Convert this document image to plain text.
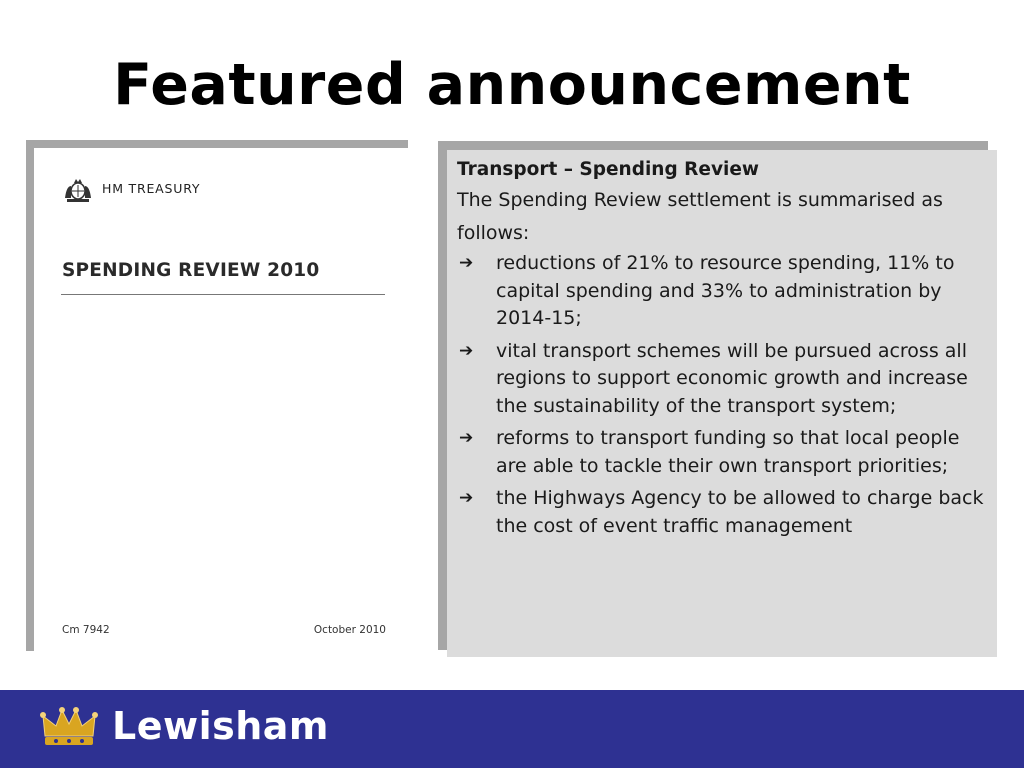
Featured announcement
HM TREASURY
SPENDING REVIEW 2010
Cm 7942	October 2010

Transport – Spending Review

The Spending Review settlement is summarised as follows:

➔ reductions of 21% to resource spending, 11% to capital spending and 33% to administration by 2014-15;
➔ vital transport schemes will be pursued across all regions to support economic growth and increase the sustainability of the transport system;
➔ reforms to transport funding so that local people are able to tackle their own transport priorities;
➔ the Highways Agency to be allowed to charge back the cost of event traffic management
Lewisham
